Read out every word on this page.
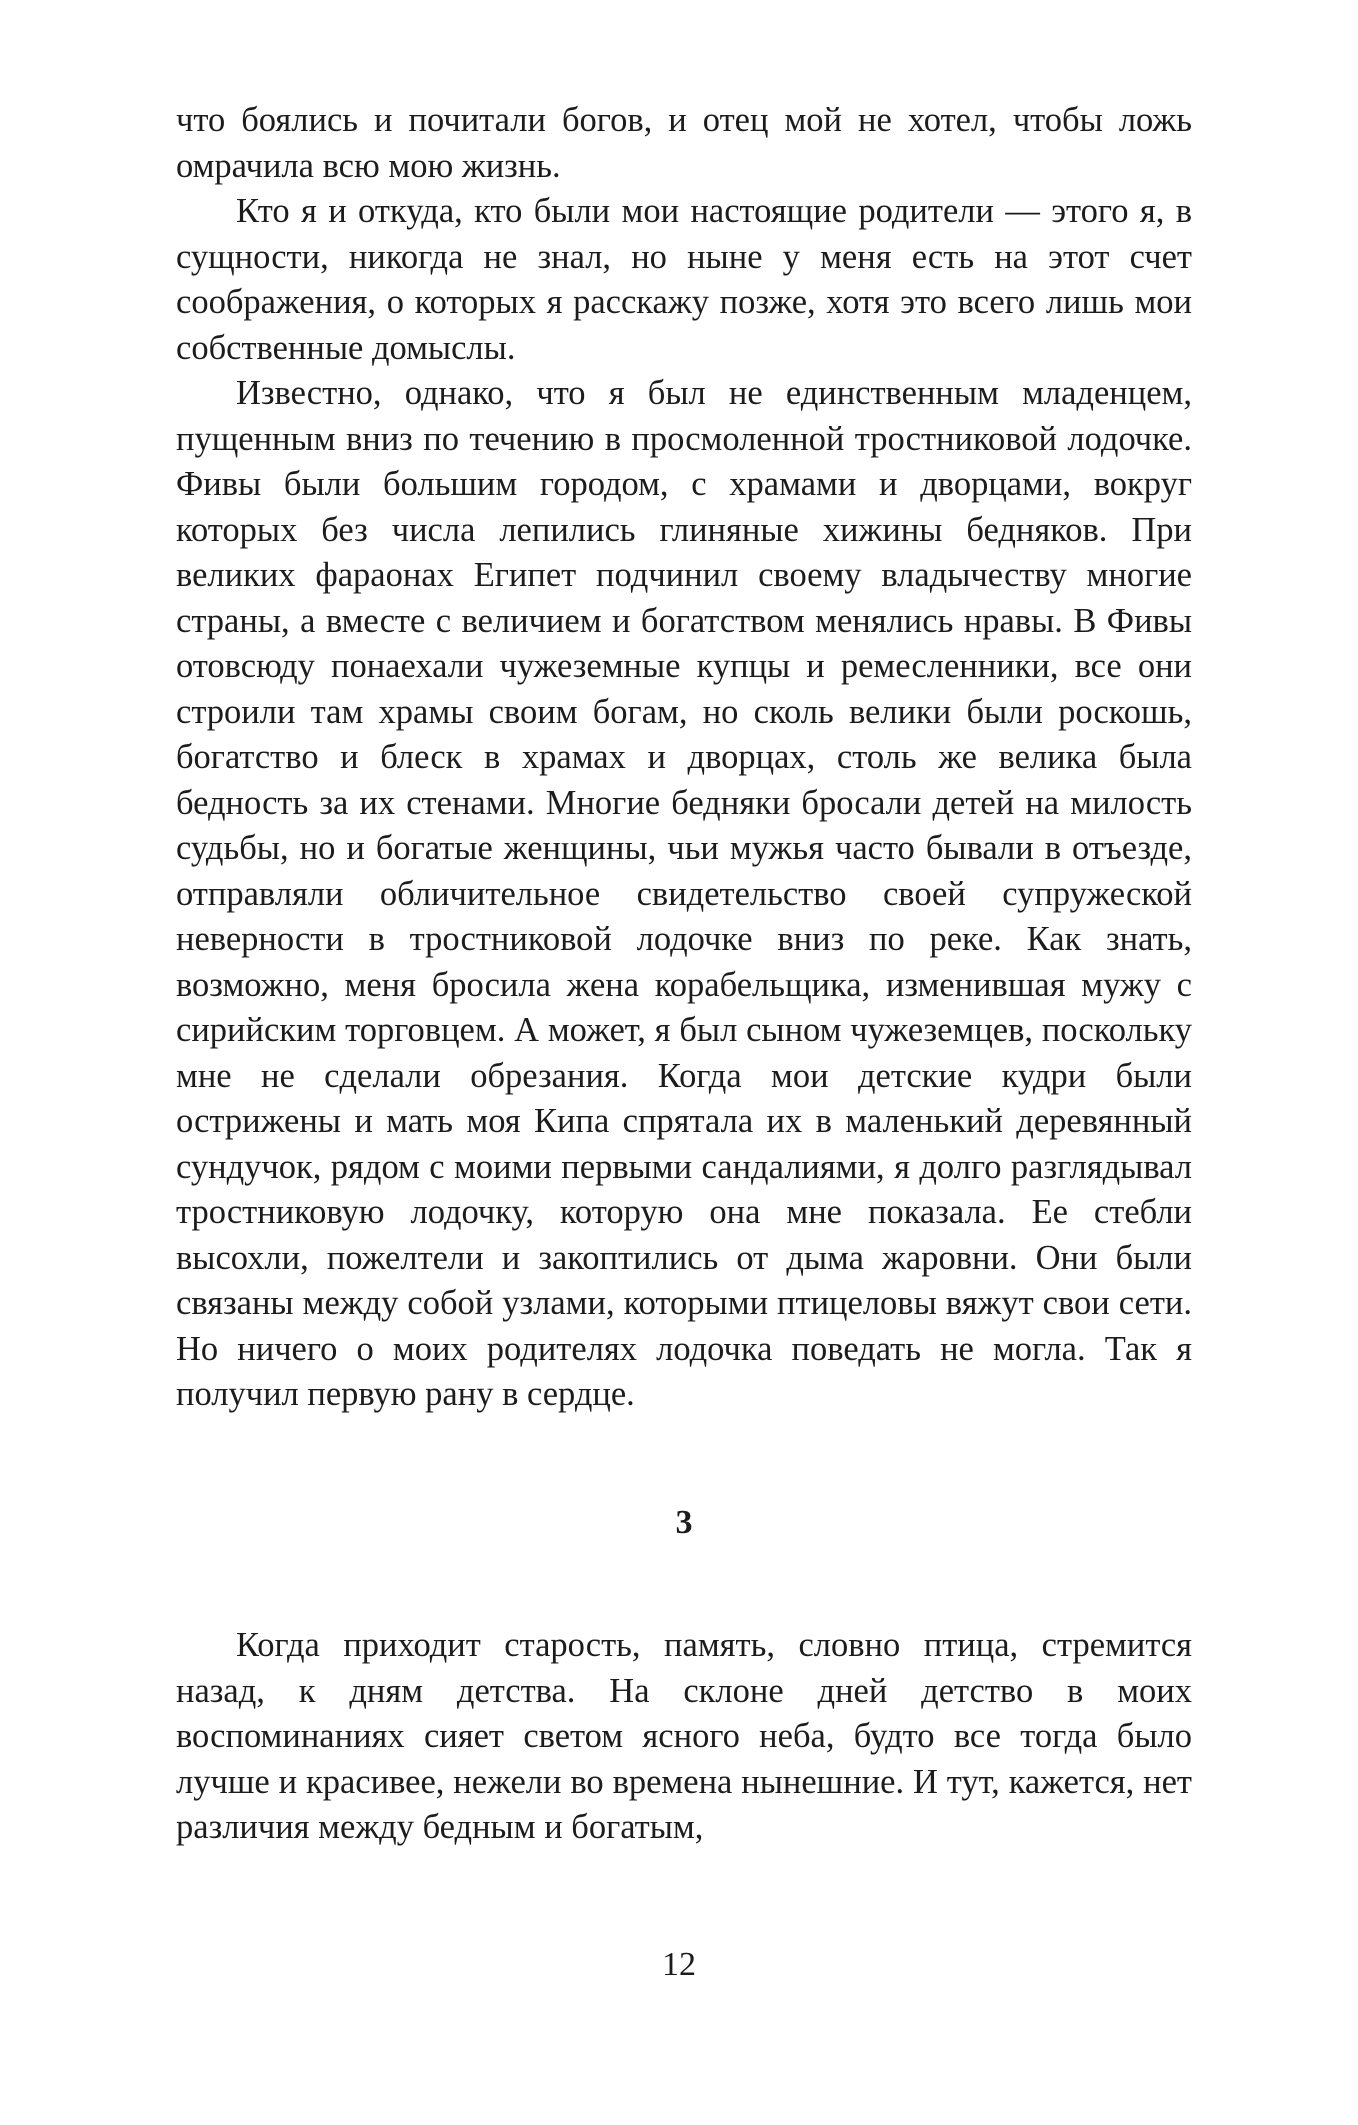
что боялись и почитали богов, и отец мой не хотел, чтобы ложь омрачила всю мою жизнь.

Кто я и откуда, кто были мои настоящие родители — этого я, в сущности, никогда не знал, но ныне у меня есть на этот счет соображения, о которых я расскажу позже, хотя это всего лишь мои собственные домыслы.

Известно, однако, что я был не единственным младенцем, пущенным вниз по течению в просмоленной тростниковой лодочке. Фивы были большим городом, с храмами и дворцами, вокруг которых без числа лепились глиняные хижины бедняков. При великих фараонах Египет подчинил своему владычеству многие страны, а вместе с величием и богатством менялись нравы. В Фивы отовсюду понаехали чужеземные купцы и ремесленники, все они строили там храмы своим богам, но сколь велики были роскошь, богатство и блеск в храмах и дворцах, столь же велика была бедность за их стенами. Многие бедняки бросали детей на милость судьбы, но и богатые женщины, чьи мужья часто бывали в отъезде, отправляли обличительное свидетельство своей супружеской неверности в тростниковой лодочке вниз по реке. Как знать, возможно, меня бросила жена корабельщика, изменившая мужу с сирийским торговцем. А может, я был сыном чужеземцев, поскольку мне не сделали обрезания. Когда мои детские кудри были острижены и мать моя Кипа спрятала их в маленький деревянный сундучок, рядом с моими первыми сандалиями, я долго разглядывал тростниковую лодочку, которую она мне показала. Ее стебли высохли, пожелтели и закоптились от дыма жаровни. Они были связаны между собой узлами, которыми птицеловы вяжут свои сети. Но ничего о моих родителях лодочка поведать не могла. Так я получил первую рану в сердце.

3

Когда приходит старость, память, словно птица, стремится назад, к дням детства. На склоне дней детство в моих воспоминаниях сияет светом ясного неба, будто все тогда было лучше и красивее, нежели во времена нынешние. И тут, кажется, нет различия между бедным и богатым,

12
